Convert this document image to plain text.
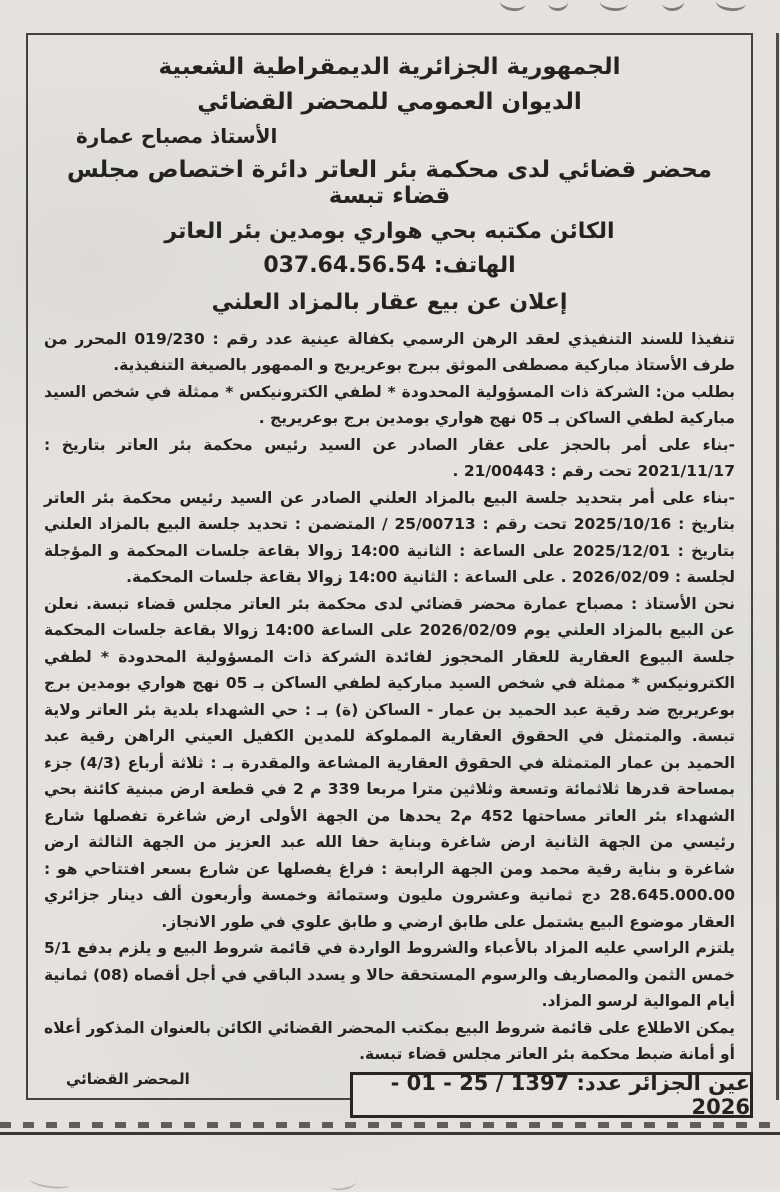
الجمهورية الجزائرية الديمقراطية الشعبية
الديوان العمومي للمحضر القضائي
الأستاذ مصباح عمارة
محضر قضائي لدى محكمة بئر العاتر دائرة اختصاص مجلس قضاء تبسة
الكائن مكتبه بحي هواري بومدين بئر العاتر
الهاتف: 037.64.56.54
إعلان عن بيع عقار بالمزاد العلني

تنفيذا للسند التنفيذي لعقد الرهن الرسمي بكفالة عينية عدد رقم : 019/230 المحرر من طرف الأستاذ مباركية مصطفى الموثق ببرج بوعريريج و الممهور بالصيغة التنفيذية.

بطلب من: الشركة ذات المسؤولية المحدودة * لطفي الكترونيكس * ممثلة في شخص السيد مباركية لطفي الساكن بـ 05 نهج هواري بومدين برج بوعريريج .

-بناء على أمر بالحجز على عقار الصادر عن السيد رئيس محكمة بئر العاتر بتاريخ : 2021/11/17 تحت رقم : 21/00443 .

-بناء على أمر بتحديد جلسة البيع بالمزاد العلني الصادر عن السيد رئيس محكمة بئر العاتر بتاريخ : 2025/10/16 تحت رقم : 25/00713 / المتضمن : تحديد جلسة البيع بالمزاد العلني بتاريخ : 2025/12/01 على الساعة : الثانية 14:00 زوالا بقاعة جلسات المحكمة و المؤجلة لجلسة : 2026/02/09 . على الساعة : الثانية 14:00 زوالا بقاعة جلسات المحكمة.

نحن الأستاذ : مصباح عمارة محضر قضائي لدى محكمة بئر العاتر مجلس قضاء تبسة. نعلن عن البيع بالمزاد العلني يوم 2026/02/09 على الساعة 14:00 زوالا بقاعة جلسات المحكمة جلسة البيوع العقارية للعقار المحجوز لفائدة الشركة ذات المسؤولية المحدودة * لطفي الكترونيكس * ممثلة في شخص السيد مباركية لطفي الساكن بـ 05 نهج هواري بومدين برج بوعريريج ضد رقية عبد الحميد بن عمار - الساكن (ة) بـ : حي الشهداء بلدية بئر العاتر ولاية تبسة. والمتمثل في الحقوق العقارية المملوكة للمدين الكفيل العيني الراهن رقية عبد الحميد بن عمار المتمثلة في الحقوق العقارية المشاعة والمقدرة بـ : ثلاثة أرباع (4/3) جزء بمساحة قدرها ثلاثمائة وتسعة وثلاثين مترا مربعا 339 م 2 في قطعة ارض مبنية كائنة بحي الشهداء بئر العاتر مساحتها 452 م2 يحدها من الجهة الأولى ارض شاغرة تفصلها شارع رئيسي من الجهة الثانية ارض شاغرة وبناية حفا الله عبد العزيز من الجهة الثالثة ارض شاغرة و بناية رقية محمد ومن الجهة الرابعة : فراغ يفصلها عن شارع بسعر افتتاحي هو : 28.645.000.00 دج ثمانية وعشرون مليون وستمائة وخمسة وأربعون ألف دينار جزائري العقار موضوع البيع يشتمل على طابق ارضي و طابق علوي في طور الانجاز.

يلتزم الراسي عليه المزاد بالأعباء والشروط الواردة في قائمة شروط البيع و يلزم بدفع 5/1 خمس الثمن والمصاريف والرسوم المستحقة حالا و يسدد الباقي في أجل أقصاه (08) ثمانية أيام الموالية لرسو المزاد.

يمكن الاطلاع على قائمة شروط البيع بمكتب المحضر القضائي الكائن بالعنوان المذكور أعلاه أو أمانة ضبط محكمة بئر العاتر مجلس قضاء تبسة.

المحضر القضائي	عين الجزائر عدد: 1397 / 25 - 01 - 2026
